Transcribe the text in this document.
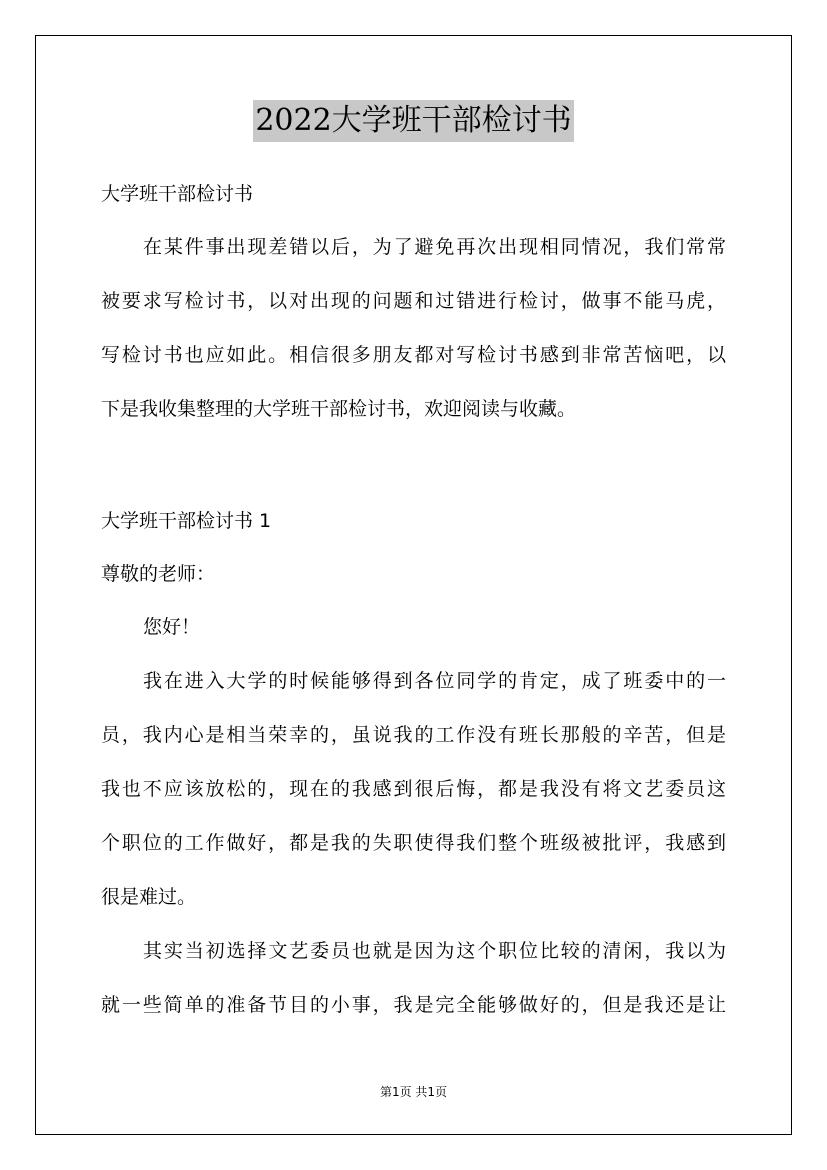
2022大学班干部检讨书
大学班干部检讨书
在某件事出现差错以后，为了避免再次出现相同情况，我们常常
被要求写检讨书，以对出现的问题和过错进行检讨，做事不能马虎，
写检讨书也应如此。相信很多朋友都对写检讨书感到非常苦恼吧，以
下是我收集整理的大学班干部检讨书，欢迎阅读与收藏。
大学班干部检讨书 1
尊敬的老师：
您好！
我在进入大学的时候能够得到各位同学的肯定，成了班委中的一
员，我内心是相当荣幸的，虽说我的工作没有班长那般的辛苦，但是
我也不应该放松的，现在的我感到很后悔，都是我没有将文艺委员这
个职位的工作做好，都是我的失职使得我们整个班级被批评，我感到
很是难过。
其实当初选择文艺委员也就是因为这个职位比较的清闲，我以为
就一些简单的准备节目的小事，我是完全能够做好的，但是我还是让
第1页 共1页
